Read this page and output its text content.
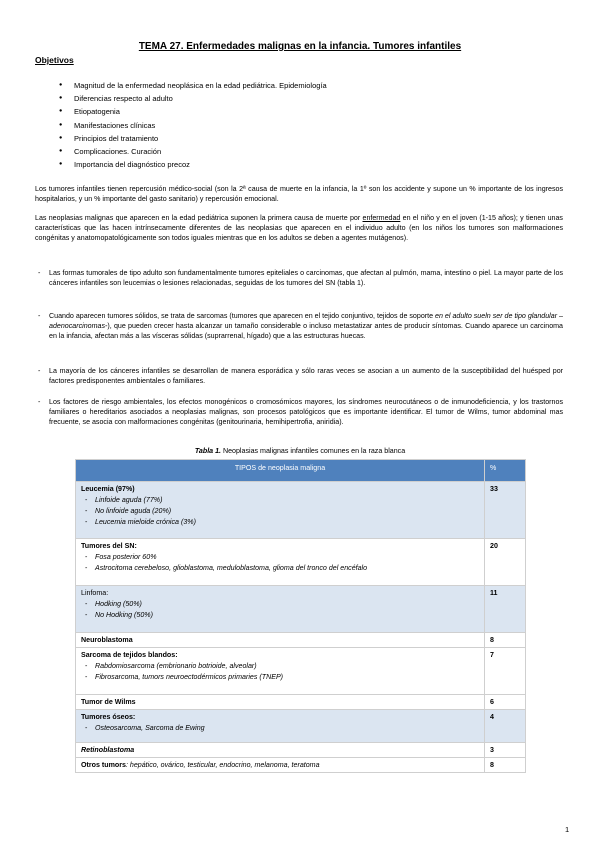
TEMA 27. Enfermedades malignas en la infancia. Tumores infantiles
Objetivos
● Magnitud de la enfermedad neoplásica en la edad pediátrica. Epidemiología
● Diferencias respecto al adulto
● Etiopatogenia
● Manifestaciones clínicas
● Principios del tratamiento
● Complicaciones. Curación
● Importancia del diagnóstico precoz

Los tumores infantiles tienen repercusión médico-social (son la 2ª causa de muerte en la infancia, la 1º son los accidente y supone un % importante de los ingresos hospitalarios, y un % importante del gasto sanitario) y repercusión emocional.

Las neoplasias malignas que aparecen en la edad pediátrica suponen la primera causa de muerte por enfermedad en el niño y en el joven (1-15 años); y tienen unas características que las hacen intrínsecamente diferentes de las neoplasias que aparecen en el individuo adulto (en los niños los tumores son malformaciones congénitas y anatomopatológicamente son todos iguales mientras que en los adultos se deben a agentes mutágenos).

- Las formas tumorales de tipo adulto son fundamentalmente tumores epiteliales o carcinomas, que afectan al pulmón, mama, intestino o piel. La mayor parte de los cánceres infantiles son leucemias o lesiones relacionadas, seguidas de los tumores del SN (tabla 1).
- Cuando aparecen tumores sólidos, se trata de sarcomas (tumores que aparecen en el tejido conjuntivo, tejidos de soporte en el adulto sueln ser de tipo glandular –adenocarcinomas-), que pueden crecer hasta alcanzar un tamaño considerable o incluso metastatizar antes de producir síntomas. Cuando aparece un carcinoma en la infancia, afectan más a las vísceras sólidas (suprarrenal, hígado) que a las estructuras huecas.
- La mayoría de los cánceres infantiles se desarrollan de manera esporádica y sólo raras veces se asocian a un aumento de la susceptibilidad del huésped por factores predisponentes ambientales o familiares.
- Los factores de riesgo ambientales, los efectos monogénicos o cromosómicos mayores, los síndromes neurocutáneos o de inmunodeficiencia, y los trastornos familiares o hereditarios asociados a neoplasias malignas, son procesos patológicos que es importante identificar. El tumor de Wilms, tumor abdominal mas frecuente, se asocia con malformaciones congénitas (genitourinaria, hemihipertrofia, aniridia).
Tabla 1. Neoplasias malignas infantiles comunes en la raza blanca
TIPOS de neoplasia maligna	%

Leucemia (97%)
- Linfoide aguda (77%)
- No linfoide aguda (20%)
- Leucemia mieloide crónica (3%)	33

Tumores del SN:
- Fosa posterior 60%
- Astrocitoma cerebeloso, glioblastoma, meduloblastoma, glioma del tronco del encéfalo	20

Linfoma:
- Hodking (50%)
- No Hodking (50%)	11

Neuroblastoma	8

Sarcoma de tejidos blandos:
- Rabdomiosarcoma (embrionario botrioide, alveolar)
- Fibrosarcoma, tumors neuroectodérmicos primaries (TNEP)	7

Tumor de Wilms	6

Tumores óseos:
- Osteosarcoma, Sarcoma de Ewing	4

Retinoblastoma	3
Otros tumors: hepático, ovárico, testicular, endocrino, melanoma, teratoma	8
1
